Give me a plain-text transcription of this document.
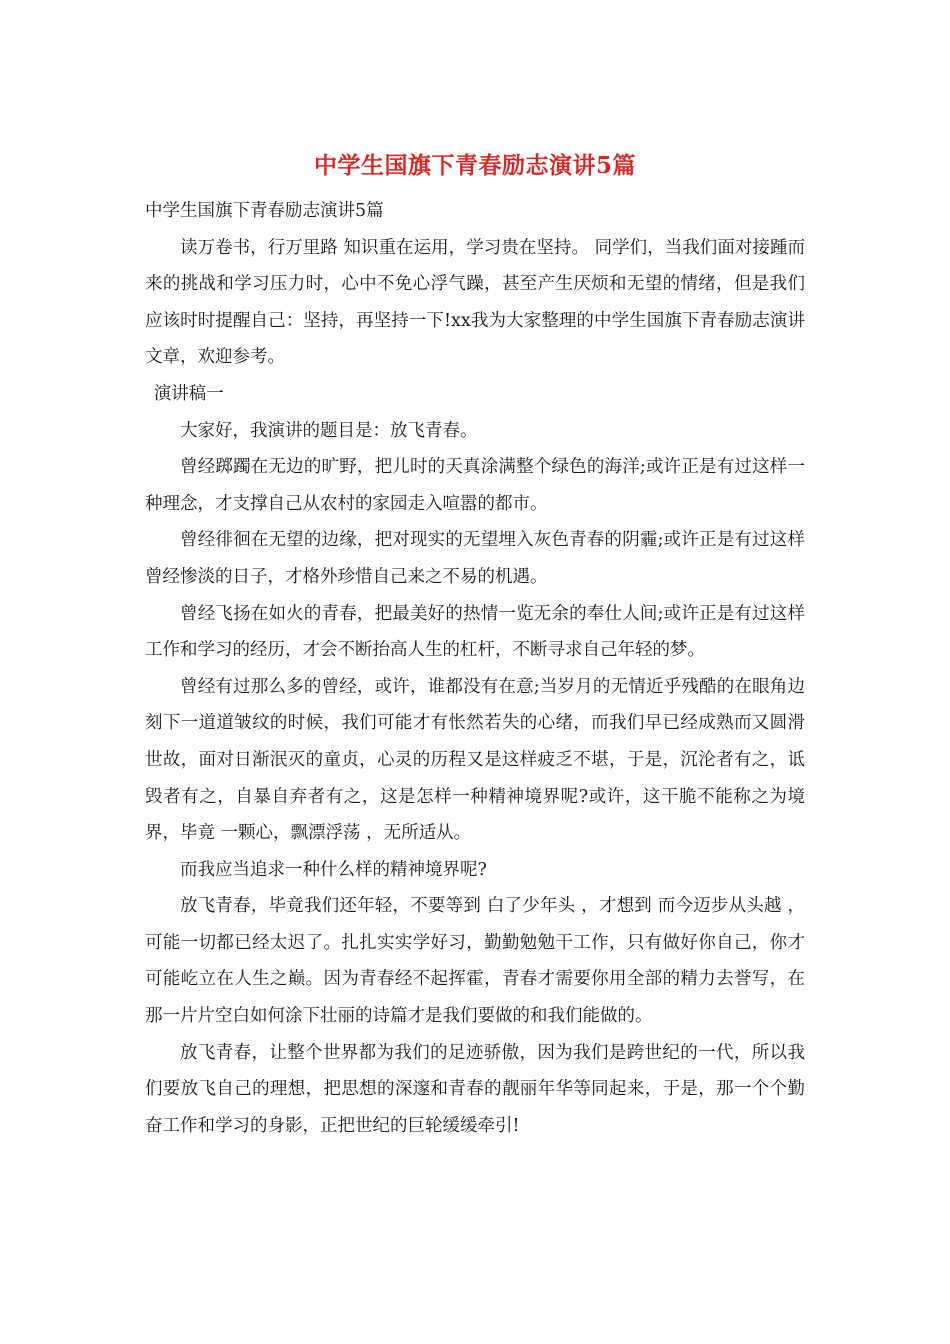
中学生国旗下青春励志演讲5篇

中学生国旗下青春励志演讲5篇

读万卷书，行万里路 知识重在运用，学习贵在坚持。 同学们，当我们面对接踵而来的挑战和学习压力时，心中不免心浮气躁，甚至产生厌烦和无望的情绪，但是我们应该时时提醒自己：坚持，再坚持一下!xx我为大家整理的中学生国旗下青春励志演讲文章，欢迎参考。

演讲稿一

大家好，我演讲的题目是：放飞青春。

曾经踯躅在无边的旷野，把儿时的天真涂满整个绿色的海洋;或许正是有过这样一种理念，才支撑自己从农村的家园走入喧嚣的都市。

曾经徘徊在无望的边缘，把对现实的无望埋入灰色青春的阴霾;或许正是有过这样曾经惨淡的日子，才格外珍惜自己来之不易的机遇。

曾经飞扬在如火的青春，把最美好的热情一览无余的奉仕人间;或许正是有过这样工作和学习的经历，才会不断抬高人生的杠杆，不断寻求自己年轻的梦。

曾经有过那么多的曾经，或许，谁都没有在意;当岁月的无情近乎残酷的在眼角边刻下一道道皱纹的时候，我们可能才有怅然若失的心绪，而我们早已经成熟而又圆滑世故，面对日渐泯灭的童贞，心灵的历程又是这样疲乏不堪，于是，沉沦者有之，诋毁者有之，自暴自弃者有之，这是怎样一种精神境界呢?或许，这干脆不能称之为境界，毕竟 一颗心，飘漂浮荡 ，无所适从。

而我应当追求一种什么样的精神境界呢?

放飞青春，毕竟我们还年轻，不要等到 白了少年头 ，才想到 而今迈步从头越 ，可能一切都已经太迟了。扎扎实实学好习，勤勤勉勉干工作，只有做好你自己，你才可能屹立在人生之巅。因为青春经不起挥霍，青春才需要你用全部的精力去誉写，在那一片片空白如何涂下壮丽的诗篇才是我们要做的和我们能做的。

放飞青春，让整个世界都为我们的足迹骄傲，因为我们是跨世纪的一代，所以我们要放飞自己的理想，把思想的深邃和青春的靓丽年华等同起来，于是，那一个个勤奋工作和学习的身影，正把世纪的巨轮缓缓牵引!
